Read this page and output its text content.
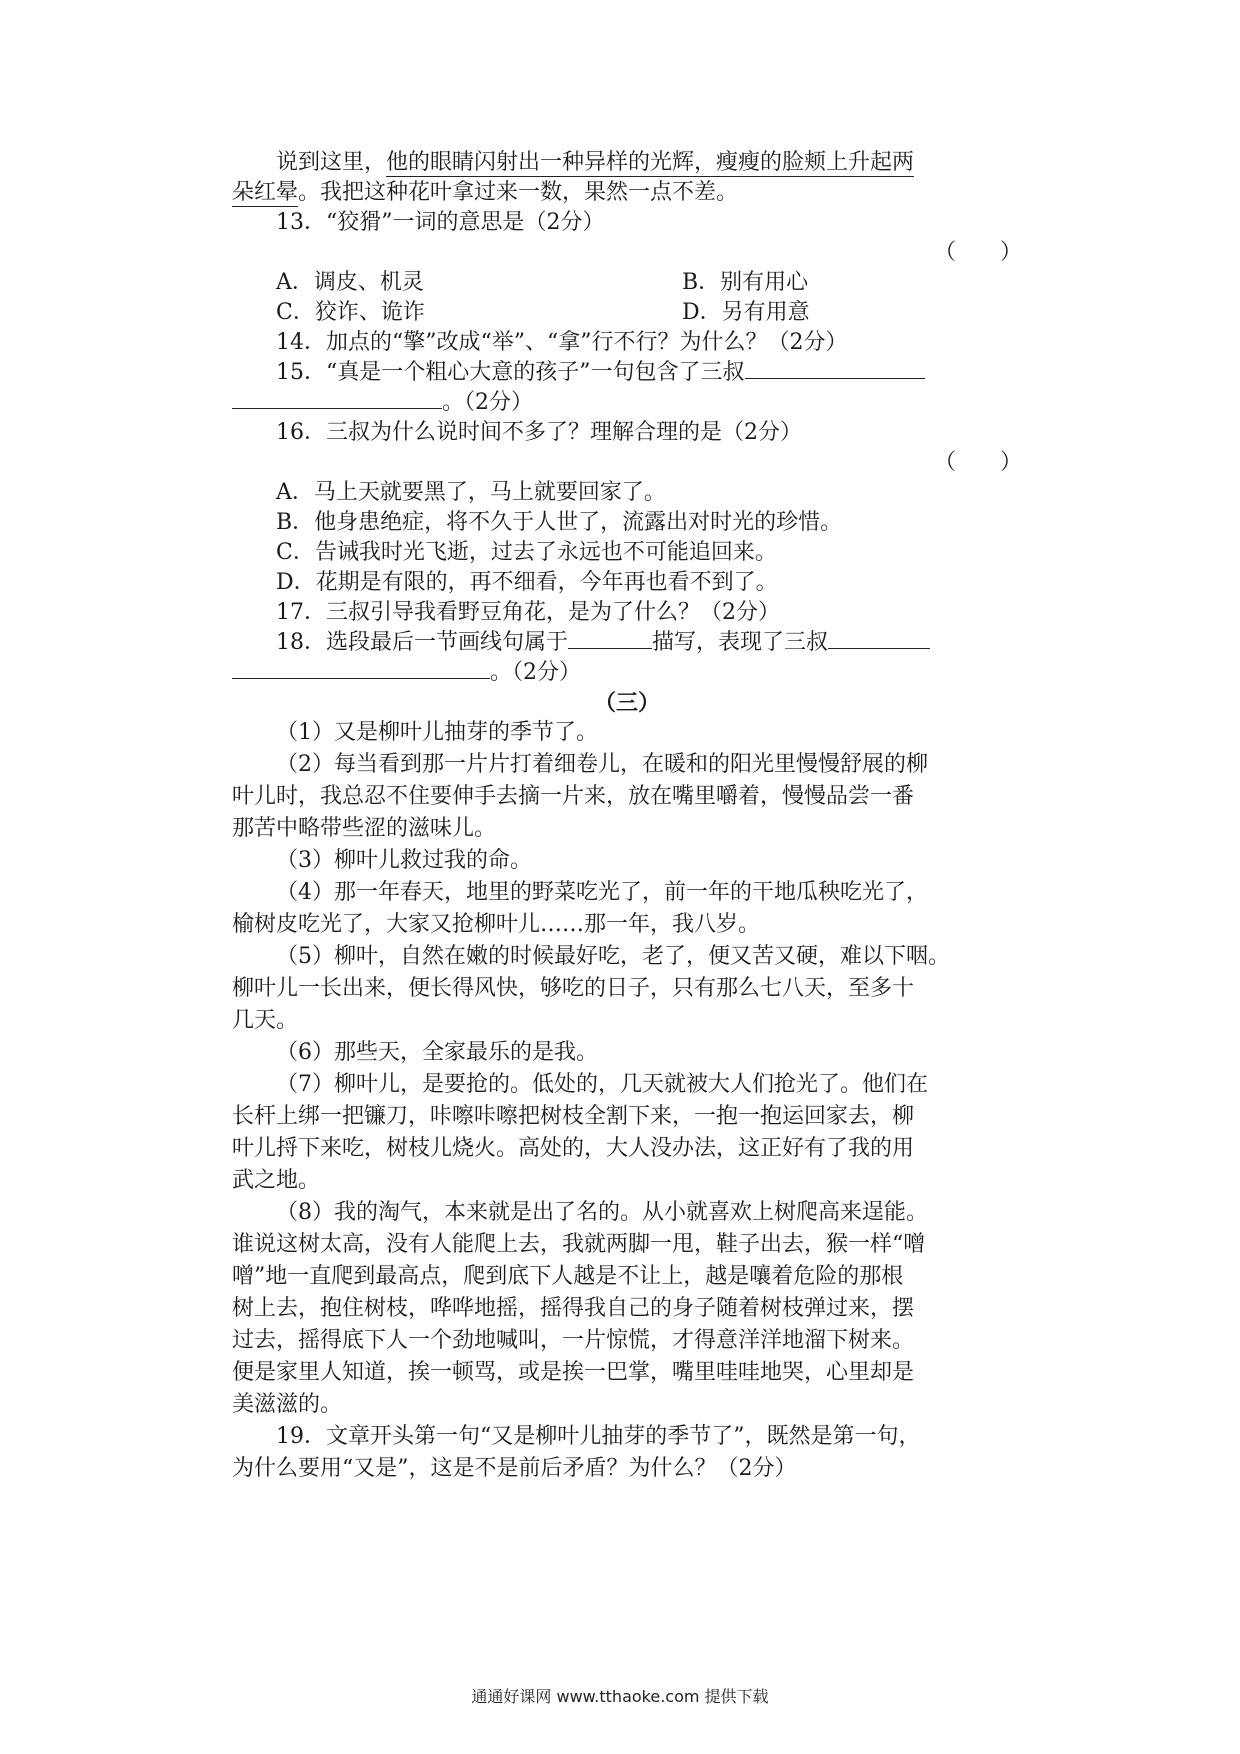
说到这里，他的眼睛闪射出一种异样的光辉，瘦瘦的脸颊上升起两
朵红晕。我把这种花叶拿过来一数，果然一点不差。
13．“狡猾”一词的意思是（2分）
（　　）
A．调皮、机灵	B．别有用心
C．狡诈、诡诈	D．另有用意
14．加点的“擎”改成“举”、“拿”行不行？为什么？（2分）
15．“真是一个粗心大意的孩子”一句包含了三叔
。（2分）
16．三叔为什么说时间不多了？理解合理的是（2分）
（　　）
A．马上天就要黑了，马上就要回家了。
B．他身患绝症，将不久于人世了，流露出对时光的珍惜。
C．告诫我时光飞逝，过去了永远也不可能追回来。
D．花期是有限的，再不细看，今年再也看不到了。
17．三叔引导我看野豆角花，是为了什么？（2分）
18．选段最后一节画线句属于	描写，表现了三叔
。（2分）
（三）
（1）又是柳叶儿抽芽的季节了。
（2）每当看到那一片片打着细卷儿，在暖和的阳光里慢慢舒展的柳
叶儿时，我总忍不住要伸手去摘一片来，放在嘴里嚼着，慢慢品尝一番
那苦中略带些涩的滋味儿。
（3）柳叶儿救过我的命。
（4）那一年春天，地里的野菜吃光了，前一年的干地瓜秧吃光了，
榆树皮吃光了，大家又抢柳叶儿……那一年，我八岁。
（5）柳叶，自然在嫩的时候最好吃，老了，便又苦又硬，难以下咽。
柳叶儿一长出来，便长得风快，够吃的日子，只有那么七八天，至多十
几天。
（6）那些天，全家最乐的是我。
（7）柳叶儿，是要抢的。低处的，几天就被大人们抢光了。他们在
长杆上绑一把镰刀，咔嚓咔嚓把树枝全割下来，一抱一抱运回家去，柳
叶儿捋下来吃，树枝儿烧火。高处的，大人没办法，这正好有了我的用
武之地。
（8）我的淘气，本来就是出了名的。从小就喜欢上树爬高来逞能。
谁说这树太高，没有人能爬上去，我就两脚一甩，鞋子出去，猴一样“噌
噌”地一直爬到最高点，爬到底下人越是不让上，越是嚷着危险的那根
树上去，抱住树枝，哗哗地摇，摇得我自己的身子随着树枝弹过来，摆
过去，摇得底下人一个劲地喊叫，一片惊慌，才得意洋洋地溜下树来。
便是家里人知道，挨一顿骂，或是挨一巴掌，嘴里哇哇地哭，心里却是
美滋滋的。
19．文章开头第一句“又是柳叶儿抽芽的季节了”，既然是第一句，
为什么要用“又是”，这是不是前后矛盾？为什么？（2分）
通通好课网 www.tthaoke.com 提供下载
